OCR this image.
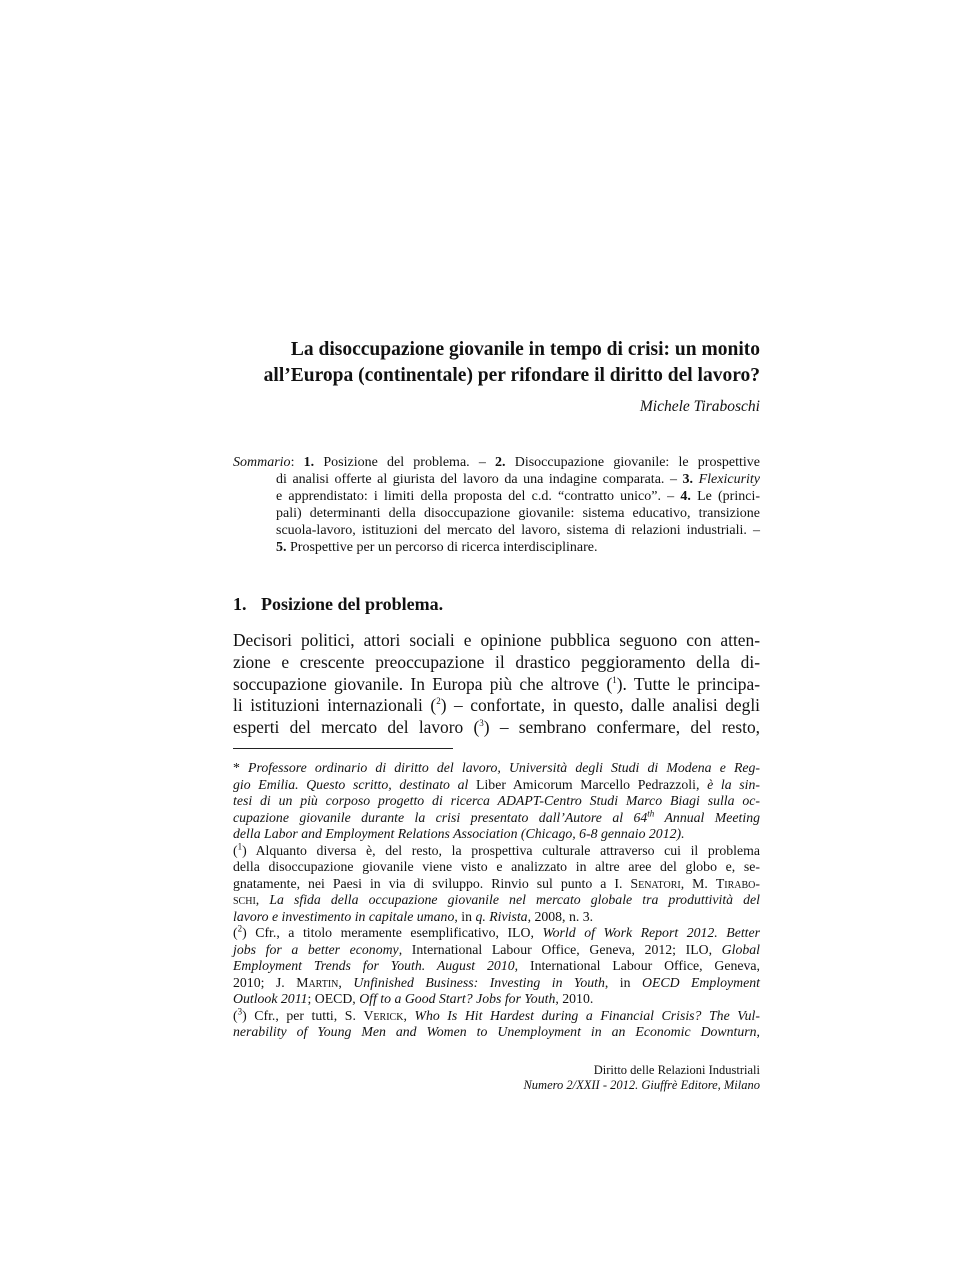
La disoccupazione giovanile in tempo di crisi: un monito
all’Europa (continentale) per rifondare il diritto del lavoro?
Michele Tiraboschi
Sommario: 1. Posizione del problema. – 2. Disoccupazione giovanile: le prospettive
di analisi offerte al giurista del lavoro da una indagine comparata. – 3. Flexicurity
e apprendistato: i limiti della proposta del c.d. “contratto unico”. – 4. Le (princi-
pali) determinanti della disoccupazione giovanile: sistema educativo, transizione
scuola-lavoro, istituzioni del mercato del lavoro, sistema di relazioni industriali. –
5. Prospettive per un percorso di ricerca interdisciplinare.
1. Posizione del problema.
Decisori politici, attori sociali e opinione pubblica seguono con atten-
zione e crescente preoccupazione il drastico peggioramento della di-
soccupazione giovanile. In Europa più che altrove ($^1$). Tutte le principa-
li istituzioni internazionali ($^2$) – confortate, in questo, dalle analisi degli
esperti del mercato del lavoro ($^3$) – sembrano confermare, del resto,
* Professore ordinario di diritto del lavoro, Università degli Studi di Modena e Reg-
gio Emilia. Questo scritto, destinato al Liber Amicorum Marcello Pedrazzoli, è la sin-
tesi di un più corposo progetto di ricerca ADAPT-Centro Studi Marco Biagi sulla oc-
cupazione giovanile durante la crisi presentato dall’Autore al 64th Annual Meeting
della Labor and Employment Relations Association (Chicago, 6-8 gennaio 2012).
($^1$) Alquanto diversa è, del resto, la prospettiva culturale attraverso cui il problema
della disoccupazione giovanile viene visto e analizzato in altre aree del globo e, se-
gnatamente, nei Paesi in via di sviluppo. Rinvio sul punto a I. Senatori, M. Tirabo-
schi, La sfida della occupazione giovanile nel mercato globale tra produttività del
lavoro e investimento in capitale umano, in q. Rivista, 2008, n. 3.
($^2$) Cfr., a titolo meramente esemplificativo, ILO, World of Work Report 2012. Better
jobs for a better economy, International Labour Office, Geneva, 2012; ILO, Global
Employment Trends for Youth. August 2010, International Labour Office, Geneva,
2010; J. Martin, Unfinished Business: Investing in Youth, in OECD Employment
Outlook 2011; OECD, Off to a Good Start? Jobs for Youth, 2010.
($^3$) Cfr., per tutti, S. Verick, Who Is Hit Hardest during a Financial Crisis? The Vul-
nerability of Young Men and Women to Unemployment in an Economic Downturn,
Diritto delle Relazioni Industriali
Numero 2/XXII - 2012. Giuffrè Editore, Milano
